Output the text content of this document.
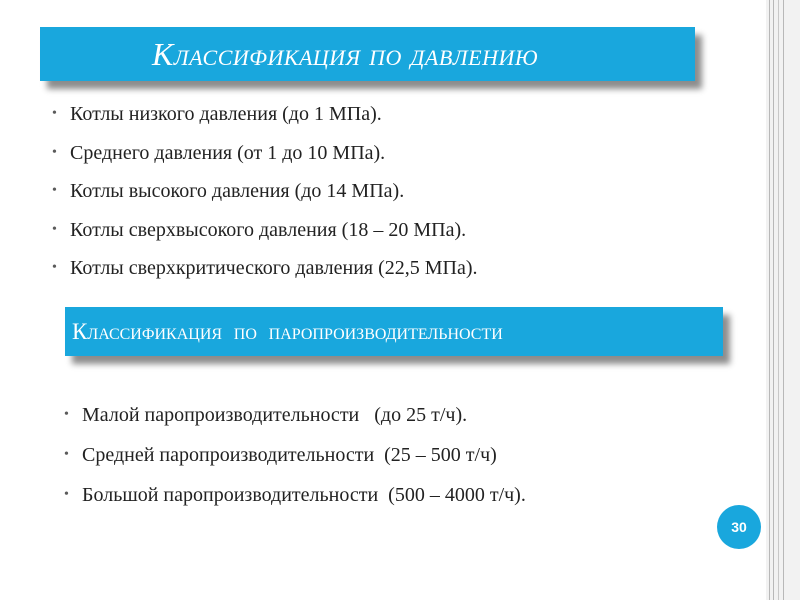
Классификация по давлению
• Котлы низкого давления (до 1 МПа).
• Среднего давления (от 1 до 10 МПа).
• Котлы высокого давления (до 14 МПа).
• Котлы сверхвысокого давления (18 – 20 МПа).
• Котлы сверхкритического давления (22,5 МПа).
Классификация по паропроизводительности
• Малой паропроизводительности   (до 25 т/ч).
• Средней паропроизводительности  (25 – 500 т/ч)
• Большой паропроизводительности  (500 – 4000 т/ч).
30
